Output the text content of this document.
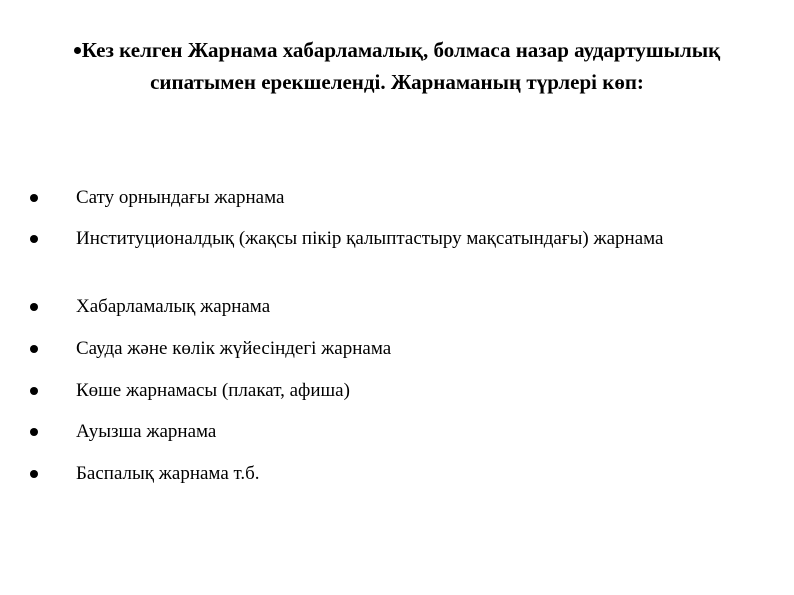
Кез келген Жарнама хабарламалық, болмаса назар аудартушылық сипатымен ерекшеленді. Жарнаманың түрлері көп:
Сату орнындағы жарнама
Институционалдық (жақсы пікір қалыптастыру мақсатындағы) жарнама
Хабарламалық жарнама
Сауда және көлік жүйесіндегі жарнама
Көше жарнамасы (плакат, афиша)
Ауызша жарнама
Баспалық жарнама т.б.
